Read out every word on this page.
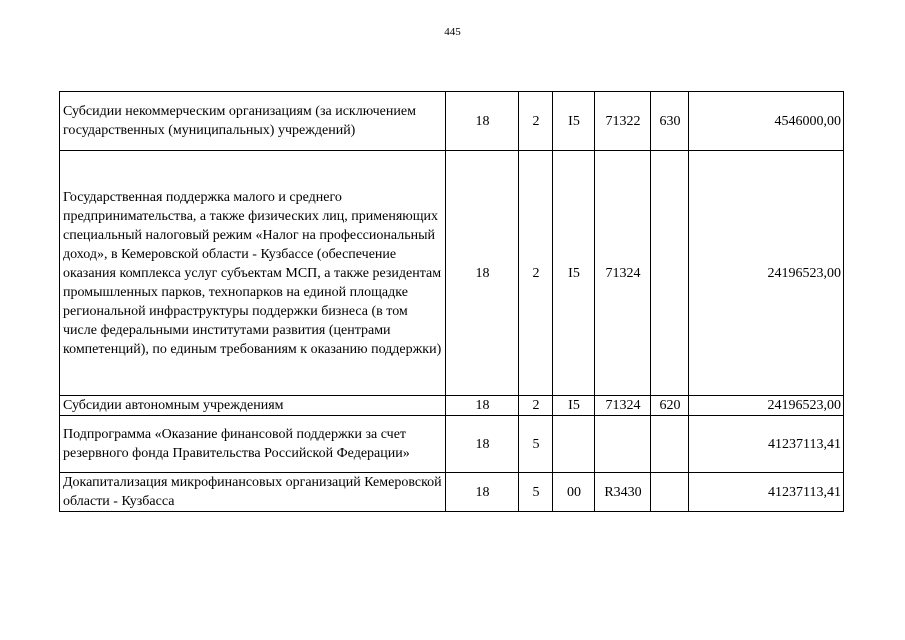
445
Субсидии некоммерческим организациям (за исключением государственных (муниципальных) учреждений)	18	2	I5	71322	630	4546000,00
Государственная поддержка малого и среднего предпринимательства, а также физических лиц, применяющих специальный налоговый режим «Налог на профессиональный доход», в Кемеровской области - Кузбассе (обеспечение оказания комплекса услуг субъектам МСП, а также резидентам промышленных парков, технопарков на единой площадке региональной инфраструктуры поддержки бизнеса (в том числе федеральными институтами развития (центрами компетенций), по единым требованиям к оказанию поддержки)	18	2	I5	71324		24196523,00
Субсидии автономным учреждениям	18	2	I5	71324	620	24196523,00
Подпрограмма «Оказание финансовой поддержки за счет резервного фонда Правительства Российской Федерации»	18	5				41237113,41
Докапитализация микрофинансовых организаций Кемеровской области - Кузбасса	18	5	00	R3430		41237113,41
